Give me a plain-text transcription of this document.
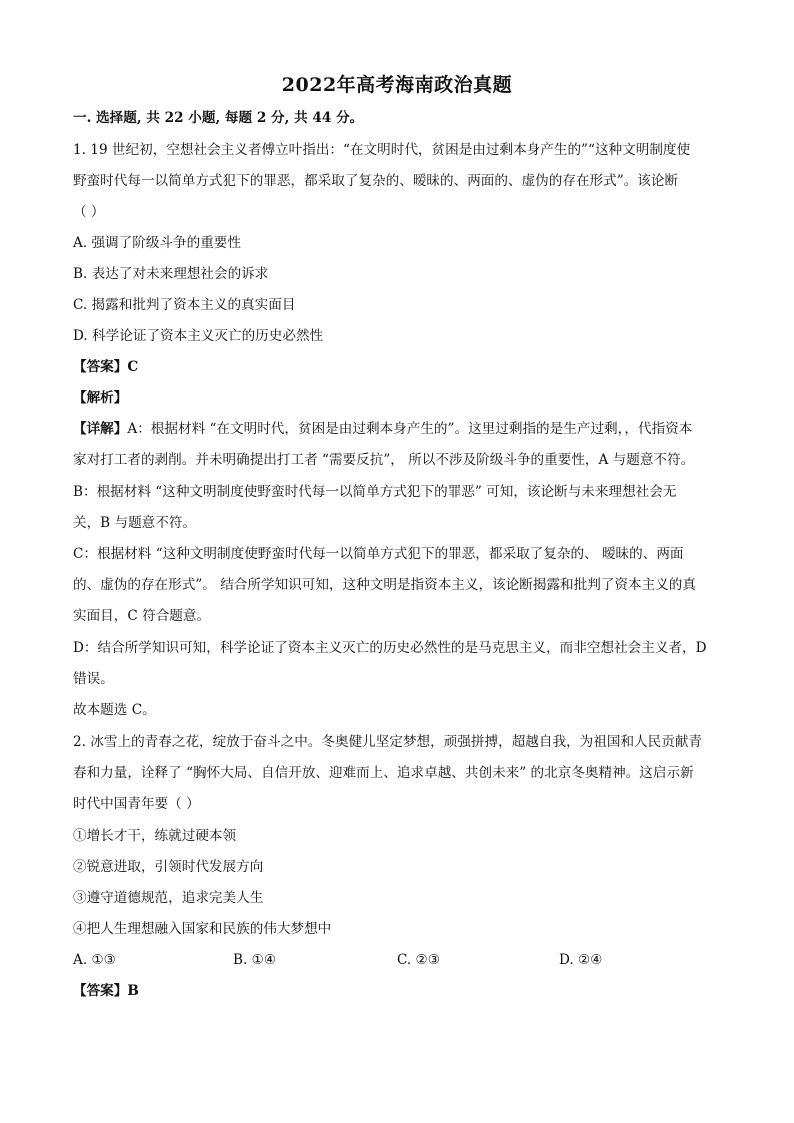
2022年高考海南政治真题
一. 选择题, 共 22 小题, 每题 2 分, 共 44 分。
1. 19 世纪初，空想社会主义者傅立叶指出：“在文明时代，贫困是由过剩本身产生的”“这种文明制度使
野蛮时代每一以简单方式犯下的罪恶，都采取了复杂的、暧昧的、两面的、虚伪的存在形式”。该论断
（ ）
A. 强调了阶级斗争的重要性
B. 表达了对未来理想社会的诉求
C. 揭露和批判了资本主义的真实面目
D. 科学论证了资本主义灭亡的历史必然性
【答案】C
【解析】
【详解】A：根据材料 “在文明时代，贫困是由过剩本身产生的”。这里过剩指的是生产过剩，，代指资本
家对打工者的剥削。并未明确提出打工者 “需要反抗”， 所以不涉及阶级斗争的重要性，A 与题意不符。
B：根据材料 “这种文明制度使野蛮时代每一以简单方式犯下的罪恶” 可知，该论断与未来理想社会无
关，B 与题意不符。
C：根据材料 “这种文明制度使野蛮时代每一以简单方式犯下的罪恶，都采取了复杂的、 暧昧的、两面
的、虚伪的存在形式”。 结合所学知识可知，这种文明是指资本主义，该论断揭露和批判了资本主义的真
实面目，C 符合题意。
D：结合所学知识可知，科学论证了资本主义灭亡的历史必然性的是马克思主义，而非空想社会主义者，D
错误。
故本题选 C。
2. 冰雪上的青春之花，绽放于奋斗之中。冬奥健儿坚定梦想，顽强拼搏，超越自我，为祖国和人民贡献青
春和力量，诠释了 “胸怀大局、自信开放、迎难而上、追求卓越、共创未来” 的北京冬奥精神。这启示新
时代中国青年要（ ）
①增长才干，练就过硬本领
②锐意进取，引领时代发展方向
③遵守道德规范，追求完美人生
④把人生理想融入国家和民族的伟大梦想中
A. ①③	B. ①④	C. ②③	D. ②④
【答案】B
